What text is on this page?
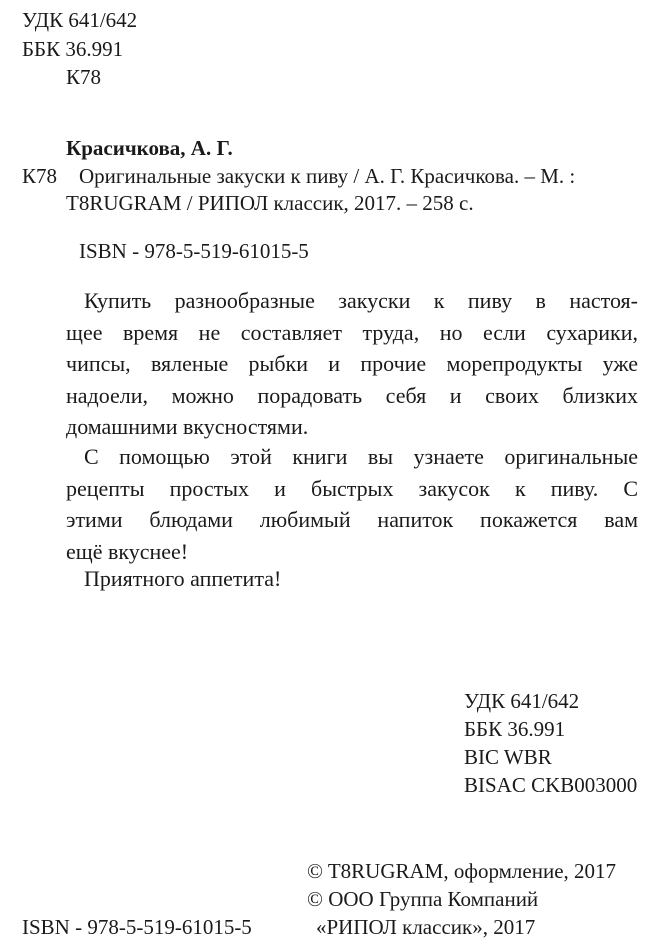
УДК 641/642
ББК 36.991
К78
Красичкова, А. Г.
К78 Оригинальные закуски к пиву / А. Г. Красичкова. – М. :
T8RUGRAM / РИПОЛ классик, 2017. – 258 с.
ISBN - 978-5-519-61015-5
Купить разнообразные закуски к пиву в настоя-
щее время не составляет труда, но если сухарики,
чипсы, вяленые рыбки и прочие морепродукты уже
надоели, можно порадовать себя и своих близких
домашними вкусностями.
С помощью этой книги вы узнаете оригинальные
рецепты простых и быстрых закусок к пиву. С
этими блюдами любимый напиток покажется вам
ещё вкуснее!
Приятного аппетита!
УДК 641/642
ББК 36.991
BIC WBR
BISAC CKB003000
© T8RUGRAM, оформление, 2017
© ООО Группа Компаний
«РИПОЛ классик», 2017
ISBN - 978-5-519-61015-5
